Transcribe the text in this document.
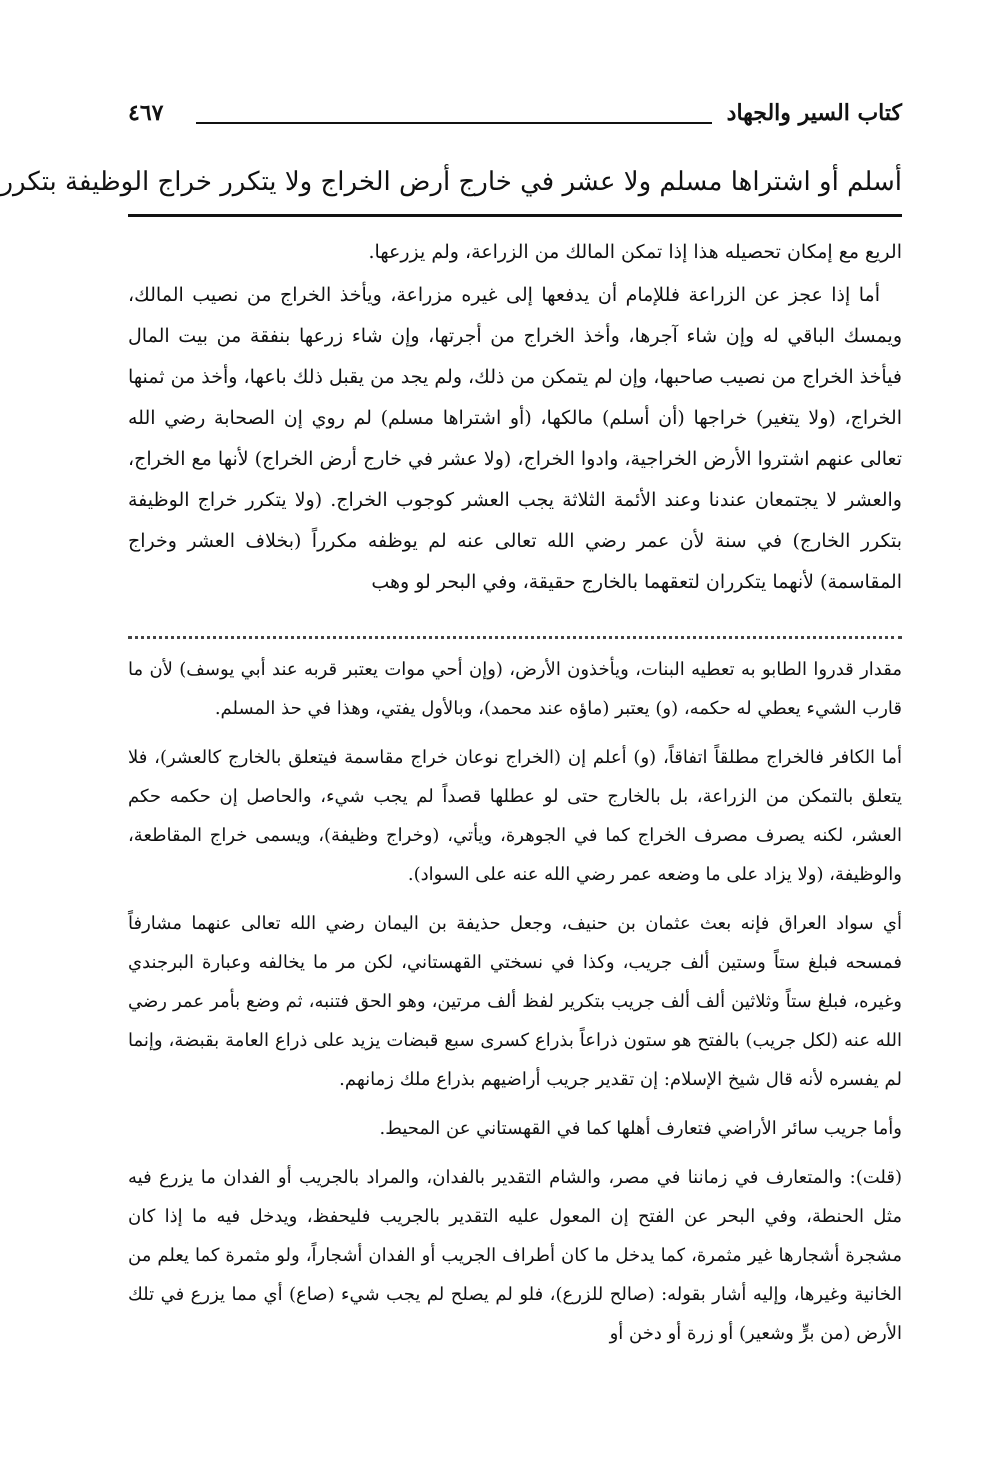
كتاب السير والجهاد
٤٦٧
أسلم أو اشتراها مسلم ولا عشر في خارج أرض الخراج ولا يتكرر خراج الوظيفة بتكرر

الريع مع إمكان تحصيله هذا إذا تمكن المالك من الزراعة، ولم يزرعها.

أما إذا عجز عن الزراعة فللإمام أن يدفعها إلى غيره مزراعة، ويأخذ الخراج من نصيب المالك، ويمسك الباقي له وإن شاء آجرها، وأخذ الخراج من أجرتها، وإن شاء زرعها بنفقة من بيت المال فيأخذ الخراج من نصيب صاحبها، وإن لم يتمكن من ذلك، ولم يجد من يقبل ذلك باعها، وأخذ من ثمنها الخراج، (ولا يتغير) خراجها (أن أسلم) مالكها، (أو اشتراها مسلم) لم روي إن الصحابة رضي الله تعالى عنهم اشتروا الأرض الخراجية، وادوا الخراج، (ولا عشر في خارج أرض الخراج) لأنها مع الخراج، والعشر لا يجتمعان عندنا وعند الأئمة الثلاثة يجب العشر كوجوب الخراج. (ولا يتكرر خراج الوظيفة بتكرر الخارج) في سنة لأن عمر رضي الله تعالى عنه لم يوظفه مكرراً (بخلاف العشر وخراج المقاسمة) لأنهما يتكرران لتعقهما بالخارج حقيقة، وفي البحر لو وهب

مقدار قدروا الطابو به تعطيه البنات، ويأخذون الأرض، (وإن أحي موات يعتبر قربه عند أبي يوسف) لأن ما قارب الشيء يعطي له حكمه، (و) يعتبر (ماؤه عند محمد)، وبالأول يفتي، وهذا في حذ المسلم.

أما الكافر فالخراج مطلقاً اتفاقاً، (و) أعلم إن (الخراج نوعان خراج مقاسمة فيتعلق بالخارج كالعشر)، فلا يتعلق بالتمكن من الزراعة، بل بالخارج حتى لو عطلها قصداً لم يجب شيء، والحاصل إن حكمه حكم العشر، لكنه يصرف مصرف الخراج كما في الجوهرة، ويأتي، (وخراج وظيفة)، ويسمى خراج المقاطعة، والوظيفة، (ولا يزاد على ما وضعه عمر رضي الله عنه على السواد).

أي سواد العراق فإنه بعث عثمان بن حنيف، وجعل حذيفة بن اليمان رضي الله تعالى عنهما مشارفاً فمسحه فبلغ ستاً وستين ألف جريب، وكذا في نسختي القهستاني، لكن مر ما يخالفه وعبارة البرجندي وغيره، فبلغ ستاً وثلاثين ألف ألف جريب بتكرير لفظ ألف مرتين، وهو الحق فتنبه، ثم وضع بأمر عمر رضي الله عنه (لكل جريب) بالفتح هو ستون ذراعاً بذراع كسرى سبع قبضات يزيد على ذراع العامة بقبضة، وإنما لم يفسره لأنه قال شيخ الإسلام: إن تقدير جريب أراضيهم بذراع ملك زمانهم.

وأما جريب سائر الأراضي فتعارف أهلها كما في القهستاني عن المحيط.

(قلت): والمتعارف في زماننا في مصر، والشام التقدير بالفدان، والمراد بالجريب أو الفدان ما يزرع فيه مثل الحنطة، وفي البحر عن الفتح إن المعول عليه التقدير بالجريب فليحفظ، ويدخل فيه ما إذا كان مشجرة أشجارها غير مثمرة، كما يدخل ما كان أطراف الجريب أو الفدان أشجاراً، ولو مثمرة كما يعلم من الخانية وغيرها، وإليه أشار بقوله: (صالح للزرع)، فلو لم يصلح لم يجب شيء (صاع) أي مما يزرع في تلك الأرض (من برٍّ وشعير) أو زرة أو دخن أو
